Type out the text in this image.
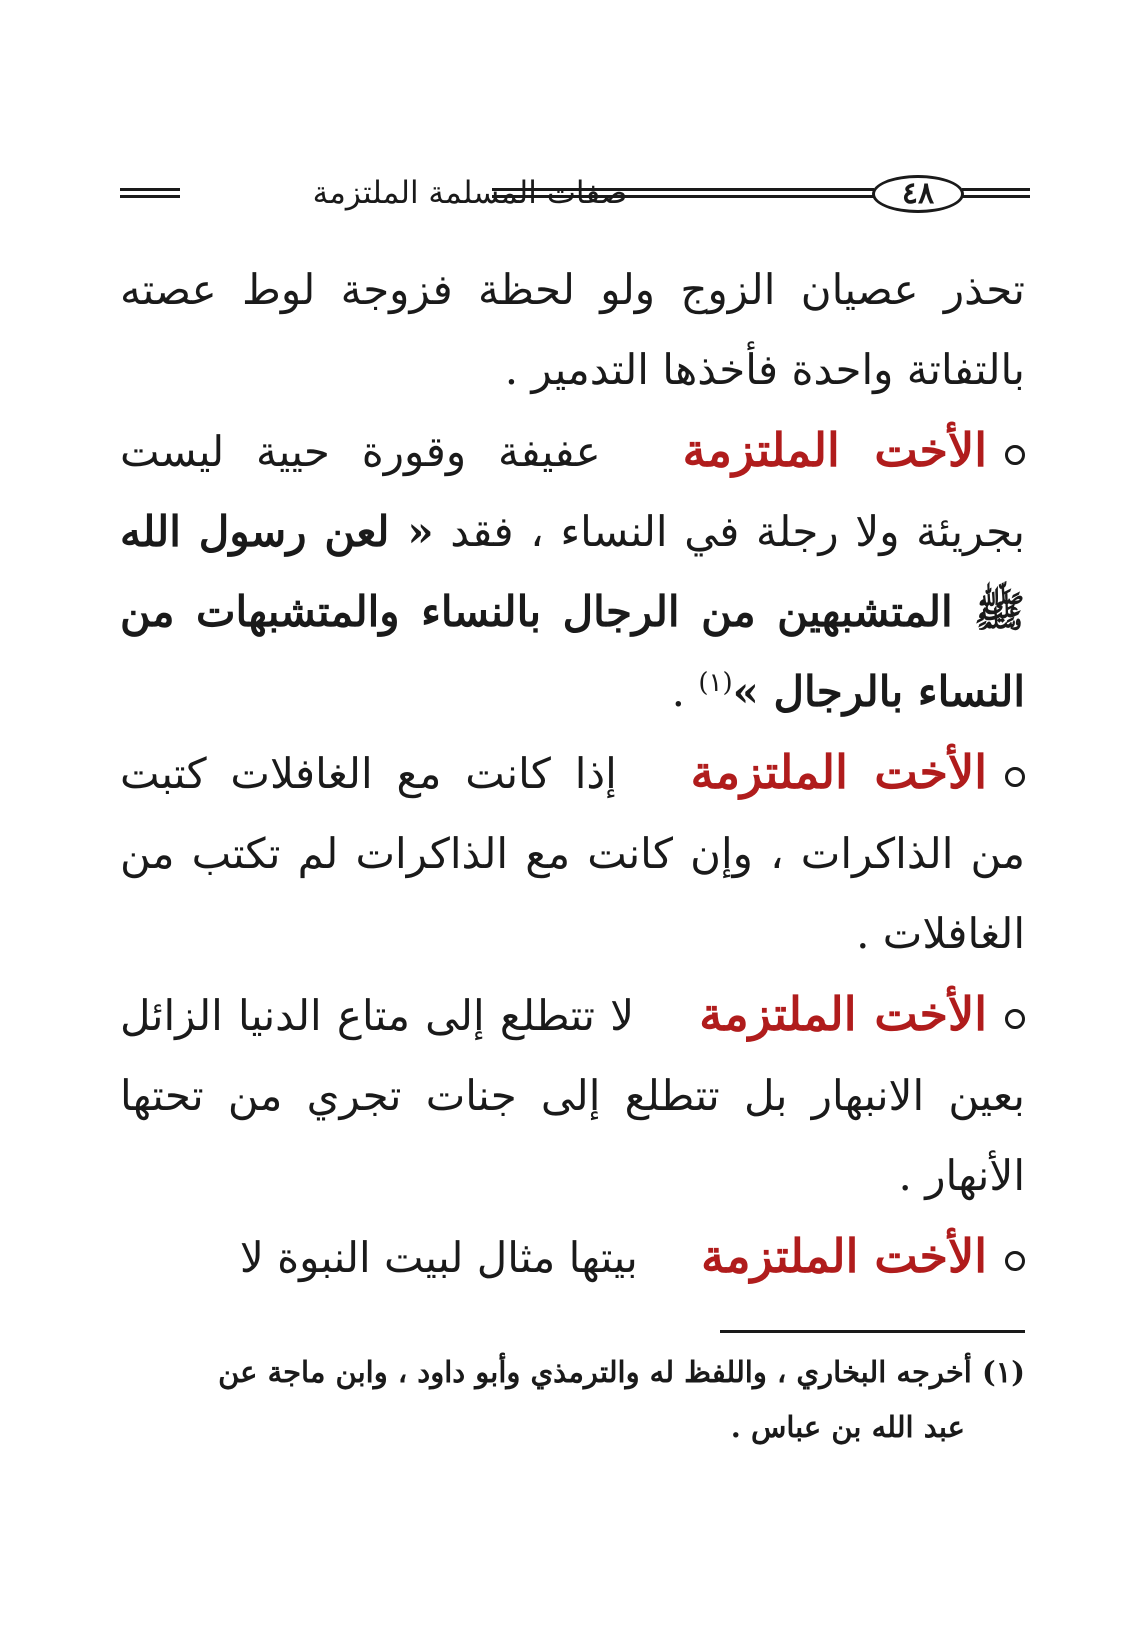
صفات المسلمة الملتزمة	٤٨

تحذر عصيان الزوج ولو لحظة فزوجة لوط عصته بالتفاتة واحدة فأخذها التدمير .

الأخت الملتزمة عفيفة وقورة حيية ليست بجريئة ولا رجلة في النساء ، فقد « لعن رسول الله ﷺ المتشبهين من الرجال بالنساء والمتشبهات من النساء بالرجال »$^{(١)}$ .

الأخت الملتزمة إذا كانت مع الغافلات كتبت من الذاكرات ، وإن كانت مع الذاكرات لم تكتب من الغافلات .

الأخت الملتزمة لا تتطلع إلى متاع الدنيا الزائل بعين الانبهار بل تتطلع إلى جنات تجري من تحتها الأنهار .

الأخت الملتزمة بيتها مثال لبيت النبوة لا

(١) أخرجه البخاري ، واللفظ له والترمذي وأبو داود ، وابن ماجة عن

عبد الله بن عباس .
